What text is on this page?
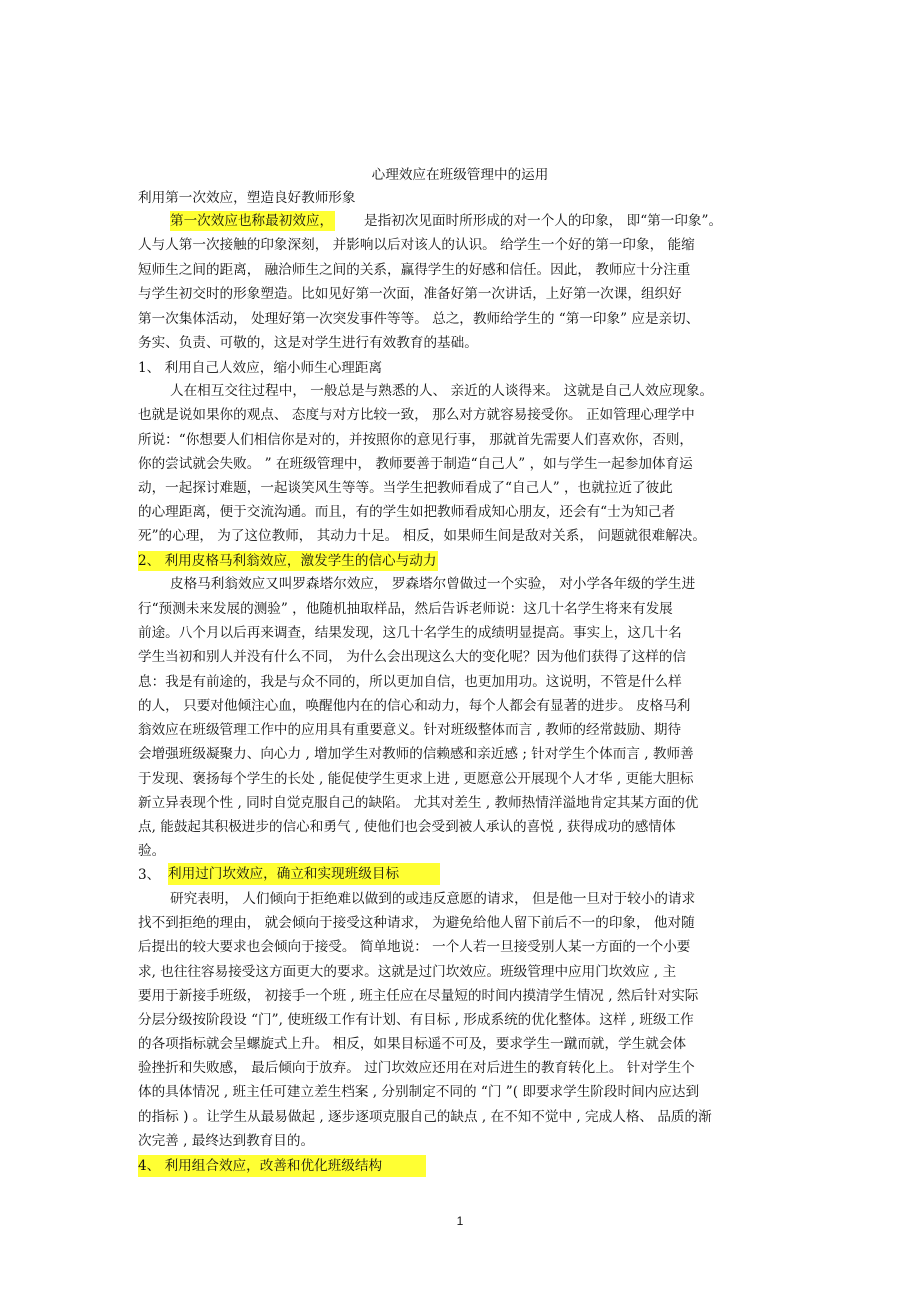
心理效应在班级管理中的运用
利用第一次效应，塑造良好教师形象
第一次效应也称最初效应， 是指初次见面时所形成的对一个人的印象， 即“第一印象”。
人与人第一次接触的印象深刻， 并影响以后对该人的认识。 给学生一个好的第一印象， 能缩
短师生之间的距离， 融洽师生之间的关系，赢得学生的好感和信任。因此， 教师应十分注重
与学生初交时的形象塑造。比如见好第一次面，准备好第一次讲话，上好第一次课，组织好
第一次集体活动， 处理好第一次突发事件等等。 总之，教师给学生的 “第一印象” 应是亲切、
务实、负责、可敬的，这是对学生进行有效教育的基础。
1、 利用自己人效应，缩小师生心理距离
人在相互交往过程中， 一般总是与熟悉的人、 亲近的人谈得来。 这就是自己人效应现象。
也就是说如果你的观点、 态度与对方比较一致， 那么对方就容易接受你。 正如管理心理学中
所说：“你想要人们相信你是对的，并按照你的意见行事， 那就首先需要人们喜欢你，否则，
你的尝试就会失败。 ” 在班级管理中， 教师要善于制造“自己人” ，如与学生一起参加体育运
动，一起探讨难题，一起谈笑风生等等。当学生把教师看成了“自己人” ，也就拉近了彼此
的心理距离，便于交流沟通。而且，有的学生如把教师看成知心朋友，还会有“士为知己者
死”的心理， 为了这位教师， 其动力十足。 相反，如果师生间是敌对关系， 问题就很难解决。
2、 利用皮格马利翁效应，激发学生的信心与动力
皮格马利翁效应又叫罗森塔尔效应， 罗森塔尔曾做过一个实验， 对小学各年级的学生进
行“预测未来发展的测验” ，他随机抽取样品，然后告诉老师说：这几十名学生将来有发展
前途。八个月以后再来调查，结果发现，这几十名学生的成绩明显提高。事实上，这几十名
学生当初和别人并没有什么不同， 为什么会出现这么大的变化呢？因为他们获得了这样的信
息：我是有前途的，我是与众不同的，所以更加自信，也更加用功。这说明，不管是什么样
的人， 只要对他倾注心血，唤醒他内在的信心和动力，每个人都会有显著的进步。 皮格马利
翁效应在班级管理工作中的应用具有重要意义。针对班级整体而言 , 教师的经常鼓励、期待
会增强班级凝聚力、向心力 , 增加学生对教师的信赖感和亲近感 ; 针对学生个体而言 , 教师善
于发现、褒扬每个学生的长处 , 能促使学生更求上进 , 更愿意公开展现个人才华 , 更能大胆标
新立异表现个性 , 同时自觉克服自己的缺陷。 尤其对差生 , 教师热情洋溢地肯定其某方面的优
点, 能鼓起其积极进步的信心和勇气 , 使他们也会受到被人承认的喜悦 , 获得成功的感情体
验。
3、 利用过门坎效应，确立和实现班级目标
研究表明， 人们倾向于拒绝难以做到的或违反意愿的请求， 但是他一旦对于较小的请求
找不到拒绝的理由， 就会倾向于接受这种请求， 为避免给他人留下前后不一的印象， 他对随
后提出的较大要求也会倾向于接受。 简单地说： 一个人若一旦接受别人某一方面的一个小要
求, 也往往容易接受这方面更大的要求。这就是过门坎效应。班级管理中应用门坎效应 , 主
要用于新接手班级， 初接手一个班 , 班主任应在尽量短的时间内摸清学生情况 , 然后针对实际
分层分级按阶段设 “门”, 使班级工作有计划、有目标 , 形成系统的优化整体。这样 , 班级工作
的各项指标就会呈螺旋式上升。 相反，如果目标遥不可及，要求学生一蹴而就，学生就会体
验挫折和失败感， 最后倾向于放弃。 过门坎效应还用在对后进生的教育转化上。 针对学生个
体的具体情况 , 班主任可建立差生档案 , 分别制定不同的 “门 ”( 即要求学生阶段时间内应达到
的指标 ) 。让学生从最易做起 , 逐步逐项克服自己的缺点 , 在不知不觉中 , 完成人格、 品质的渐
次完善 , 最终达到教育目的。
4、 利用组合效应，改善和优化班级结构
1
